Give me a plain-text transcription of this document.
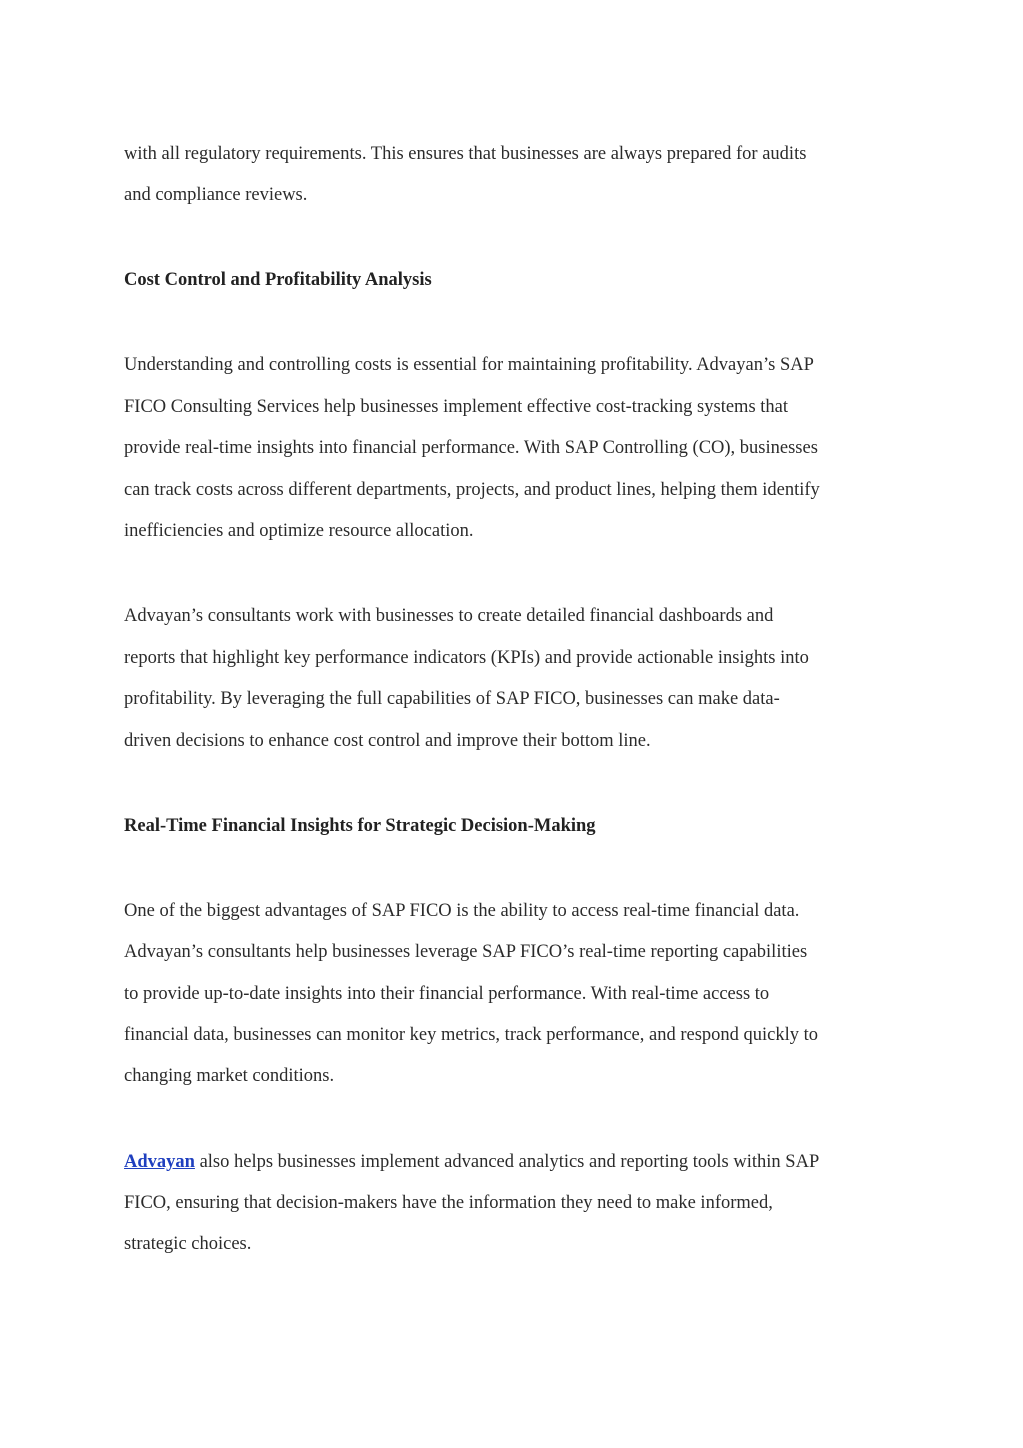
with all regulatory requirements. This ensures that businesses are always prepared for audits
and compliance reviews.
Cost Control and Profitability Analysis
Understanding and controlling costs is essential for maintaining profitability. Advayan’s SAP
FICO Consulting Services help businesses implement effective cost-tracking systems that
provide real-time insights into financial performance. With SAP Controlling (CO), businesses
can track costs across different departments, projects, and product lines, helping them identify
inefficiencies and optimize resource allocation.
Advayan’s consultants work with businesses to create detailed financial dashboards and
reports that highlight key performance indicators (KPIs) and provide actionable insights into
profitability. By leveraging the full capabilities of SAP FICO, businesses can make data-
driven decisions to enhance cost control and improve their bottom line.
Real-Time Financial Insights for Strategic Decision-Making
One of the biggest advantages of SAP FICO is the ability to access real-time financial data.
Advayan’s consultants help businesses leverage SAP FICO’s real-time reporting capabilities
to provide up-to-date insights into their financial performance. With real-time access to
financial data, businesses can monitor key metrics, track performance, and respond quickly to
changing market conditions.
Advayan also helps businesses implement advanced analytics and reporting tools within SAP
FICO, ensuring that decision-makers have the information they need to make informed,
strategic choices.
